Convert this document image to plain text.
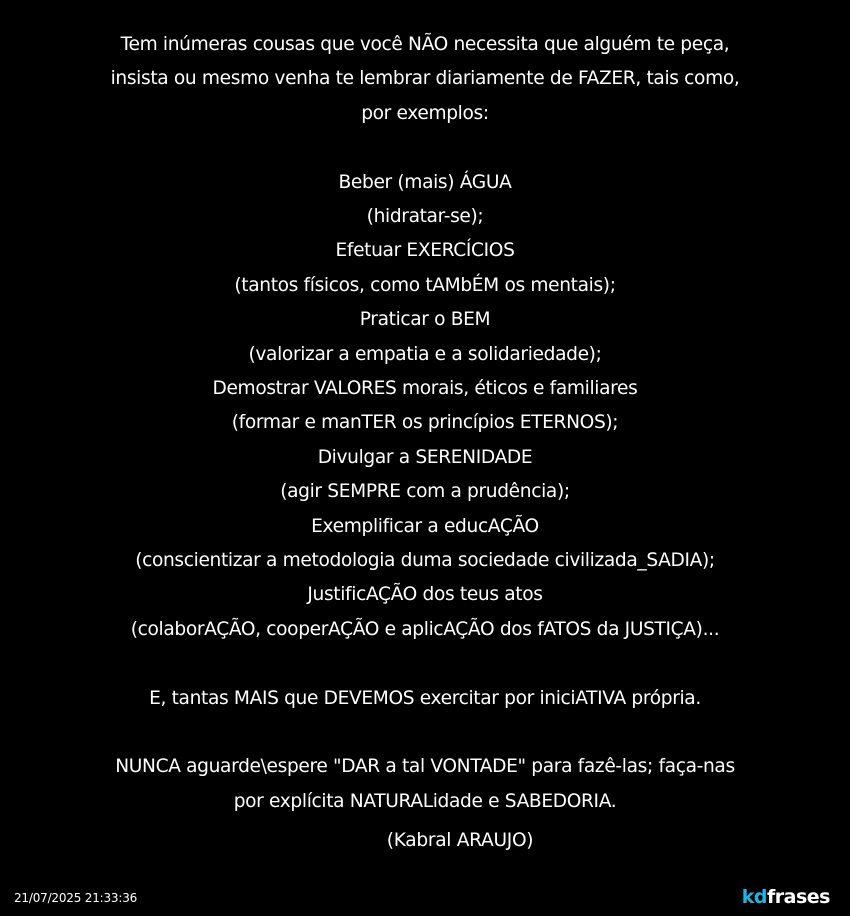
Tem inúmeras cousas que você NÃO necessita que alguém te peça,
insista ou mesmo venha te lembrar diariamente de FAZER, tais como,
por exemplos:
Beber (mais) ÁGUA
(hidratar-se);
Efetuar EXERCÍCIOS
(tantos físicos, como tAMbÉM os mentais);
Praticar o BEM
(valorizar a empatia e a solidariedade);
Demostrar VALORES morais, éticos e familiares
(formar e manTER os princípios ETERNOS);
Divulgar a SERENIDADE
(agir SEMPRE com a prudência);
Exemplificar a educAÇÃO
(conscientizar a metodologia duma sociedade civilizada_SADIA);
JustificAÇÃO dos teus atos
(colaborAÇÃO, cooperAÇÃO e aplicAÇÃO dos fATOS da JUSTIÇA)...
E, tantas MAIS que DEVEMOS exercitar por iniciATIVA própria.
NUNCA aguarde\espere "DAR a tal VONTADE" para fazê-las; faça-nas
por explícita NATURALidade e SABEDORIA.
(Kabral ARAUJO)
21/07/2025 21:33:36	kdfrases
